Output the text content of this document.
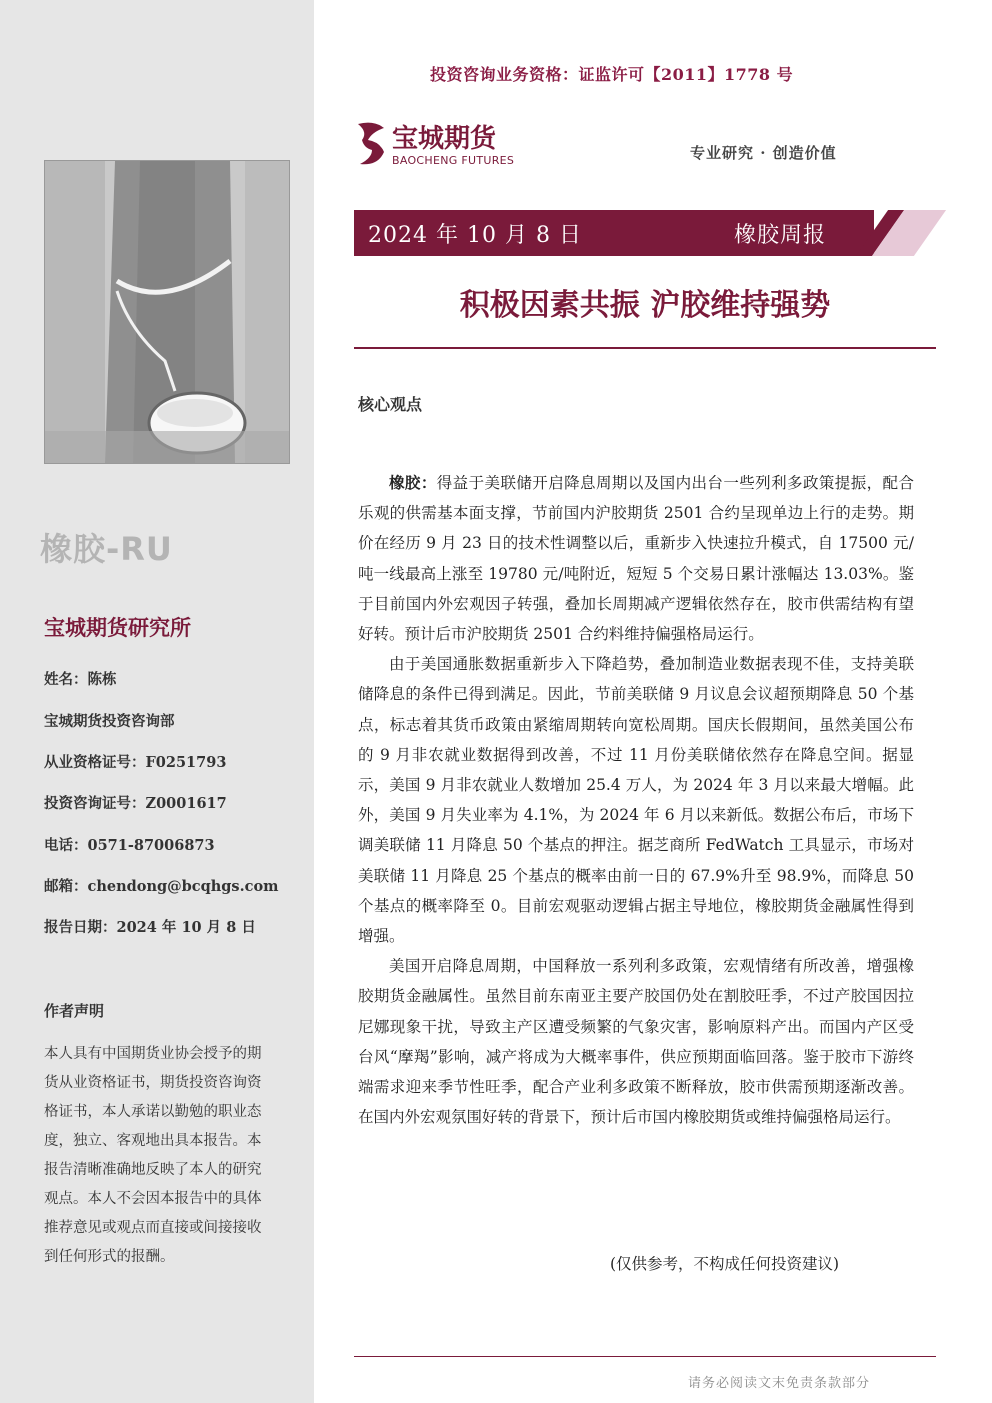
橡胶-RU
宝城期货研究所
姓名：陈栋
宝城期货投资咨询部
从业资格证号：F0251793
投资咨询证号：Z0001617
电话：0571-87006873
邮箱：chendong@bcqhgs.com
报告日期：2024 年 10 月 8 日
作者声明
本人具有中国期货业协会授予的期货从业资格证书，期货投资咨询资格证书，本人承诺以勤勉的职业态度，独立、客观地出具本报告。本报告清晰准确地反映了本人的研究观点。本人不会因本报告中的具体推荐意见或观点而直接或间接接收到任何形式的报酬。
投资咨询业务资格：证监许可【2011】1778 号
宝城期货
BAOCHENG FUTURES	专业研究 · 创造价值
2024 年 10 月 8 日	橡胶周报
积极因素共振 沪胶维持强势
核心观点

橡胶：得益于美联储开启降息周期以及国内出台一些列利多政策提振，配合乐观的供需基本面支撑，节前国内沪胶期货 2501 合约呈现单边上行的走势。期价在经历 9 月 23 日的技术性调整以后，重新步入快速拉升模式，自 17500 元/吨一线最高上涨至 19780 元/吨附近，短短 5 个交易日累计涨幅达 13.03%。鉴于目前国内外宏观因子转强，叠加长周期减产逻辑依然存在，胶市供需结构有望好转。预计后市沪胶期货 2501 合约料维持偏强格局运行。

由于美国通胀数据重新步入下降趋势，叠加制造业数据表现不佳，支持美联储降息的条件已得到满足。因此，节前美联储 9 月议息会议超预期降息 50 个基点，标志着其货币政策由紧缩周期转向宽松周期。国庆长假期间，虽然美国公布的 9 月非农就业数据得到改善，不过 11 月份美联储依然存在降息空间。据显示，美国 9 月非农就业人数增加 25.4 万人，为 2024 年 3 月以来最大增幅。此外，美国 9 月失业率为 4.1%，为 2024 年 6 月以来新低。数据公布后，市场下调美联储 11 月降息 50 个基点的押注。据芝商所 FedWatch 工具显示，市场对美联储 11 月降息 25 个基点的概率由前一日的 67.9%升至 98.9%，而降息 50 个基点的概率降至 0。目前宏观驱动逻辑占据主导地位，橡胶期货金融属性得到增强。

美国开启降息周期，中国释放一系列利多政策，宏观情绪有所改善，增强橡胶期货金融属性。虽然目前东南亚主要产胶国仍处在割胶旺季，不过产胶国因拉尼娜现象干扰，导致主产区遭受频繁的气象灾害，影响原料产出。而国内产区受台风“摩羯”影响，减产将成为大概率事件，供应预期面临回落。鉴于胶市下游终端需求迎来季节性旺季，配合产业利多政策不断释放，胶市供需预期逐渐改善。在国内外宏观氛围好转的背景下，预计后市国内橡胶期货或维持偏强格局运行。

(仅供参考，不构成任何投资建议)
请务必阅读文末免责条款部分
